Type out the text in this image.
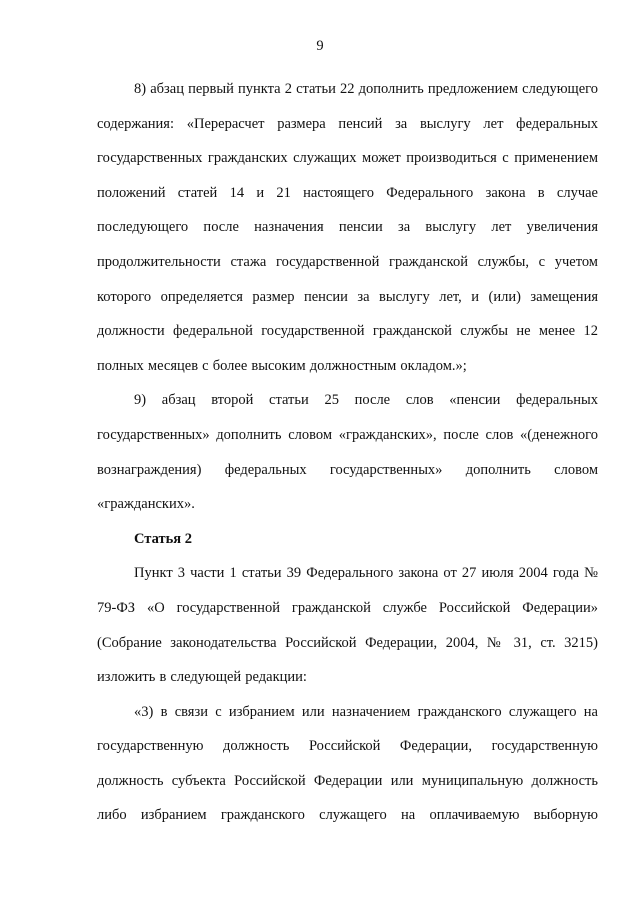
9

8) абзац первый пункта 2 статьи 22 дополнить предложением следующего содержания: «Перерасчет размера пенсий за выслугу лет федеральных государственных гражданских служащих может производиться с применением положений статей 14 и 21 настоящего Федерального закона в случае последующего после назначения пенсии за выслугу лет увеличения продолжительности стажа государственной гражданской службы, с учетом которого определяется размер пенсии за выслугу лет, и (или) замещения должности федеральной государственной гражданской службы не менее 12 полных месяцев с более высоким должностным окладом.»;

9) абзац второй статьи 25 после слов «пенсии федеральных государственных» дополнить словом «гражданских», после слов «(денежного вознаграждения) федеральных государственных» дополнить словом «гражданских».

Статья 2

Пункт 3 части 1 статьи 39 Федерального закона от 27 июля 2004 года № 79-ФЗ «О государственной гражданской службе Российской Федерации» (Собрание законодательства Российской Федерации, 2004, № 31, ст. 3215) изложить в следующей редакции:

«3) в связи с избранием или назначением гражданского служащего на государственную должность Российской Федерации, государственную должность субъекта Российской Федерации или муниципальную должность либо избранием гражданского служащего на оплачиваемую выборную
